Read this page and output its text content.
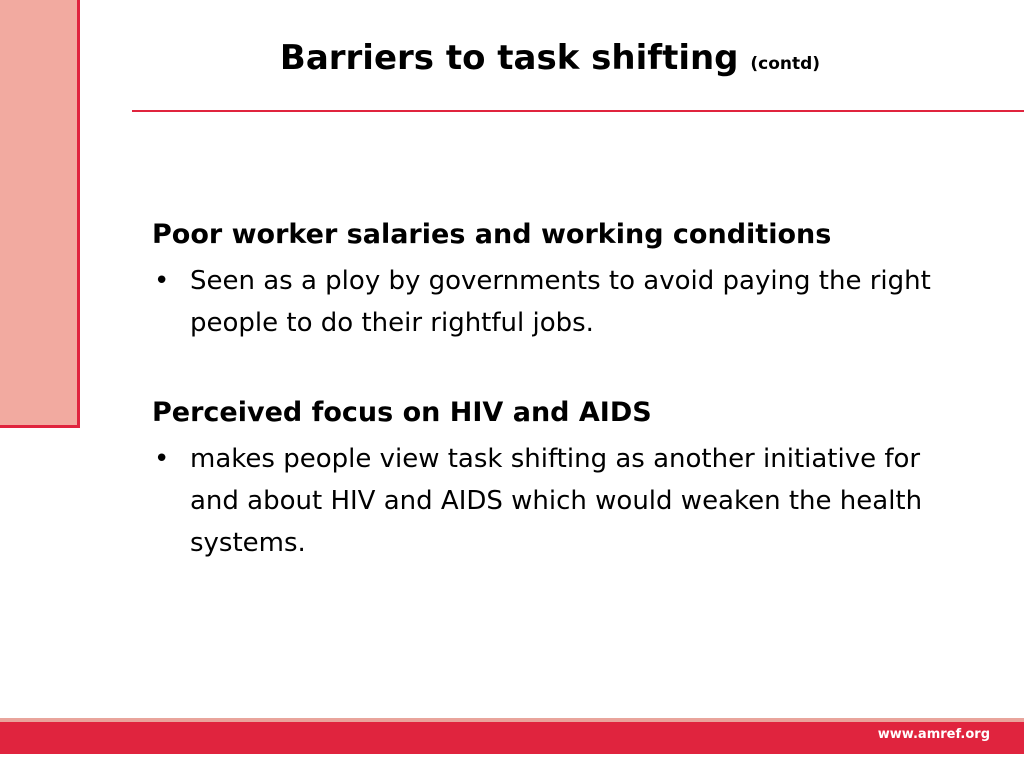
Barriers to task shifting (contd)

Poor worker salaries and working conditions

• Seen as a ploy by governments to avoid paying the right people to do their rightful jobs.

Perceived focus on HIV and AIDS

• makes people view task shifting as another initiative for and about HIV and AIDS which would weaken the health systems.
www.amref.org
